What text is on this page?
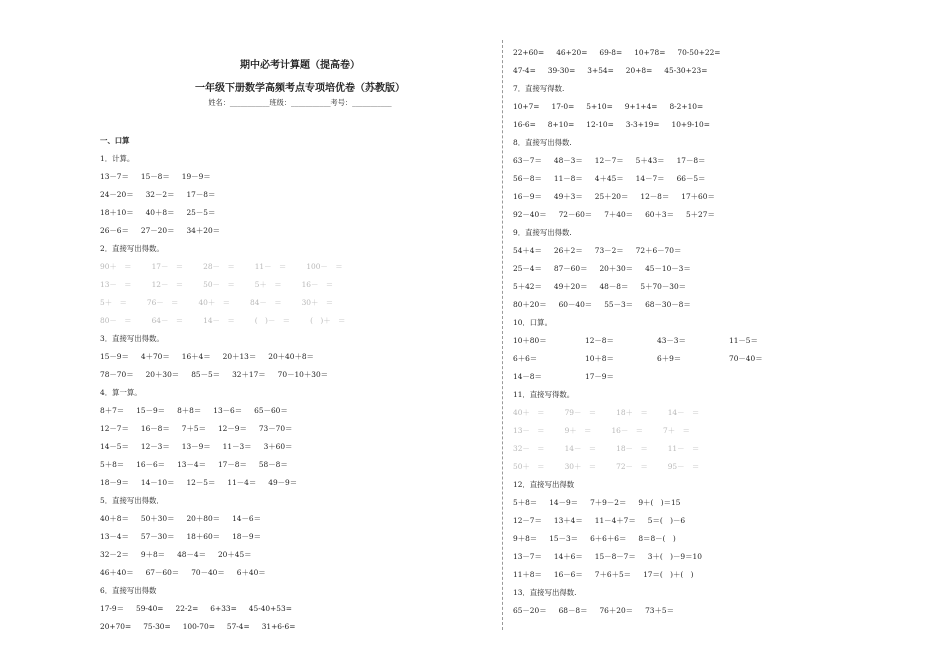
期中必考计算题（提高卷）
一年级下册数学高频考点专项培优卷（苏教版）
姓名：___________班级：___________考号：___________
一、口算
1．计算。
13－7＝ 15－8＝ 19－9＝
24－20＝ 32－2＝ 17－8＝
18＋10＝ 40＋8＝ 25－5＝
26－6＝ 27－20＝ 34＋20＝
2．直接写出得数。
90＋　＝	17－　＝	28－　＝	11－　＝	100－　＝
13－　＝	12－　＝	50－　＝	5＋　＝	16－　＝
5＋　＝	76－　＝	40＋　＝	84－　＝	30＋　＝
80－　＝	64－　＝	14－　＝	(　)－　＝	(　)＋　＝
3．直接写出得数。
15－9＝ 4＋70＝ 16＋4＝ 20＋13＝ 20＋40＋8＝
78－70＝ 20＋30＝ 85－5＝ 32＋17＝ 70－10＋30＝
4．算一算。
8＋7＝ 15－9＝ 8＋8＝ 13－6＝ 65－60＝
12－7＝ 16－8＝ 7＋5＝ 12－9＝ 73－70＝
14－5＝ 12－3＝ 13－9＝ 11－3＝ 3＋60＝
5＋8＝ 16－6＝ 13－4＝ 17－8＝ 58－8＝
18－9＝ 14－10＝ 12－5＝ 11－4＝ 49－9＝
5．直接写出得数．
40＋8＝ 50＋30＝ 20＋80＝ 14－6＝
13－4＝ 57－30＝ 18＋60＝ 18－9＝
32－2＝ 9＋8＝ 48－4＝ 20＋45＝
46＋40＝ 67－60＝ 70－40＝ 6＋40＝
6．直接写出得数
17-9＝ 59-40= 22-2= 6+33= 45-40+53=
20+70= 75-30= 100-70= 57-4= 31+6-6=
22+60= 46+20= 69-8= 10+78= 70-50+22=
47-4= 39-30= 3+54= 20+8= 45-30+23=
7．直接写得数.
10+7= 17-0= 5+10= 9+1+4= 8-2+10=
16-6= 8+10= 12-10= 3-3+19= 10+9-10=
8．直接写出得数.
63－7＝ 48－3＝ 12－7＝ 5＋43＝ 17－8＝
56－8＝ 11－8＝ 4＋45＝ 14－7＝ 66－5＝
16－9＝ 49＋3＝ 25＋20＝ 12－8＝ 17＋60＝
92－40＝ 72－60＝ 7＋40＝ 60＋3＝ 5＋27＝
9．直接写出得数.
54＋4＝ 26＋2＝ 73－2＝ 72＋6－70＝
25－4＝ 87－60＝ 20＋30＝ 45－10－3＝
5＋42＝ 49＋20＝ 48－8＝ 5＋70－30＝
80＋20＝ 60－40＝ 55－3＝ 68－30－8＝
10．口算。
10＋80＝	12－8＝	43－3＝	11－5＝
6＋6＝	10＋8＝	6＋9＝	70－40＝
14－8＝	17－9＝
11．直接写得数。
40＋　＝	79－　＝	18＋　＝	14－　＝
13－　＝	9＋　＝	16－　＝	7＋　＝
32－　＝	14－　＝	18－　＝	11－　＝
50＋　＝	30＋　＝	72－　＝	95－　＝
12．直接写出得数
5＋8＝ 14－9＝ 7＋9－2＝ 9＋(　)＝15
12－7＝ 13＋4＝ 11－4＋7＝ 5＝(　)－6
9＋8＝ 15－3＝ 6＋6＋6＝ 8＝8－(　)
13－7＝ 14＋6＝ 15－8－7＝ 3＋(　)－9＝10
11＋8＝ 16－6＝ 7＋6＋5＝ 17＝(　)＋(　)
13．直接写出得数.
65－20＝ 68－8＝ 76＋20＝ 73＋5＝
